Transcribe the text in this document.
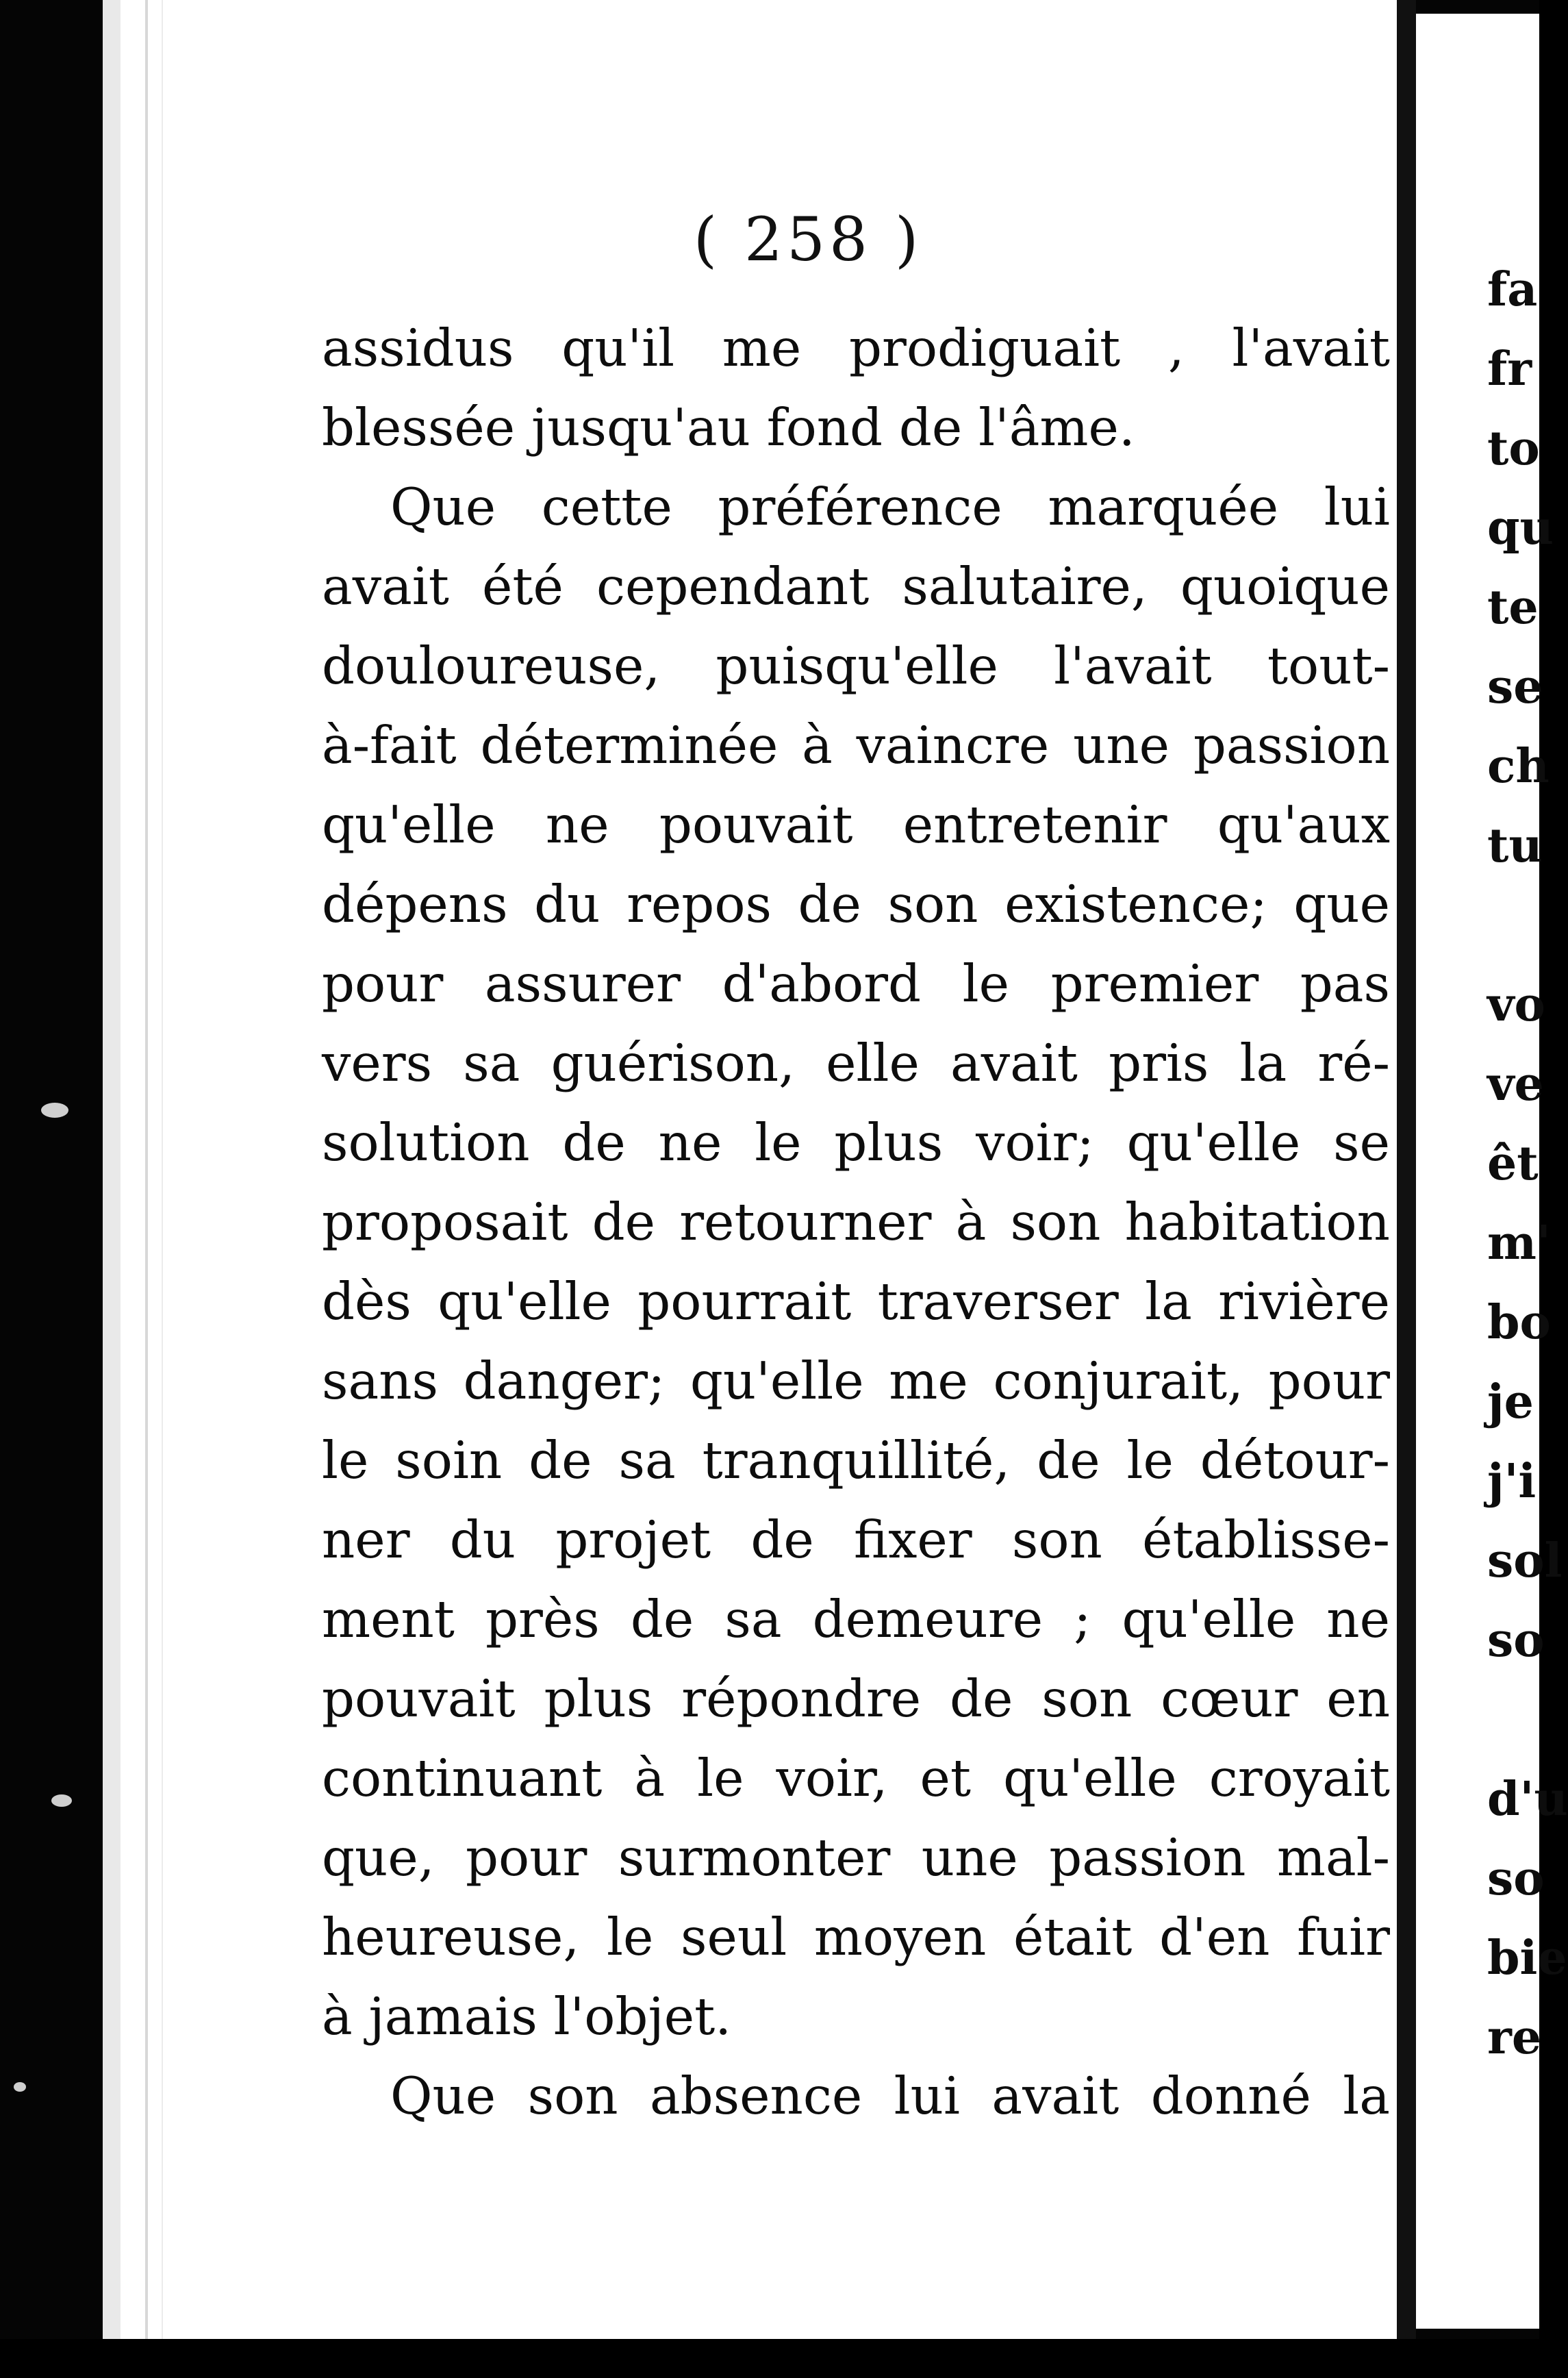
( 258 )
assidus qu'il me prodiguait , l'avait
blessée jusqu'au fond de l'âme.
Que cette préférence marquée lui
avait été cependant salutaire, quoique
douloureuse, puisqu'elle l'avait tout-
à-fait déterminée à vaincre une passion
qu'elle ne pouvait entretenir qu'aux
dépens du repos de son existence; que
pour assurer d'abord le premier pas
vers sa guérison, elle avait pris la ré-
solution de ne le plus voir; qu'elle se
proposait de retourner à son habitation
dès qu'elle pourrait traverser la rivière
sans danger; qu'elle me conjurait, pour
le soin de sa tranquillité, de le détour-
ner du projet de fixer son établisse-
ment près de sa demeure ; qu'elle ne
pouvait plus répondre de son cœur en
continuant à le voir, et qu'elle croyait
que, pour surmonter une passion mal-
heureuse, le seul moyen était d'en fuir
à jamais l'objet.
Que son absence lui avait donné la
fa
fr
to
qu
te
se
ch
tu
vo
ve
êt
m'
bo
je
j'i
sol
so
d'u
so
bie
re
